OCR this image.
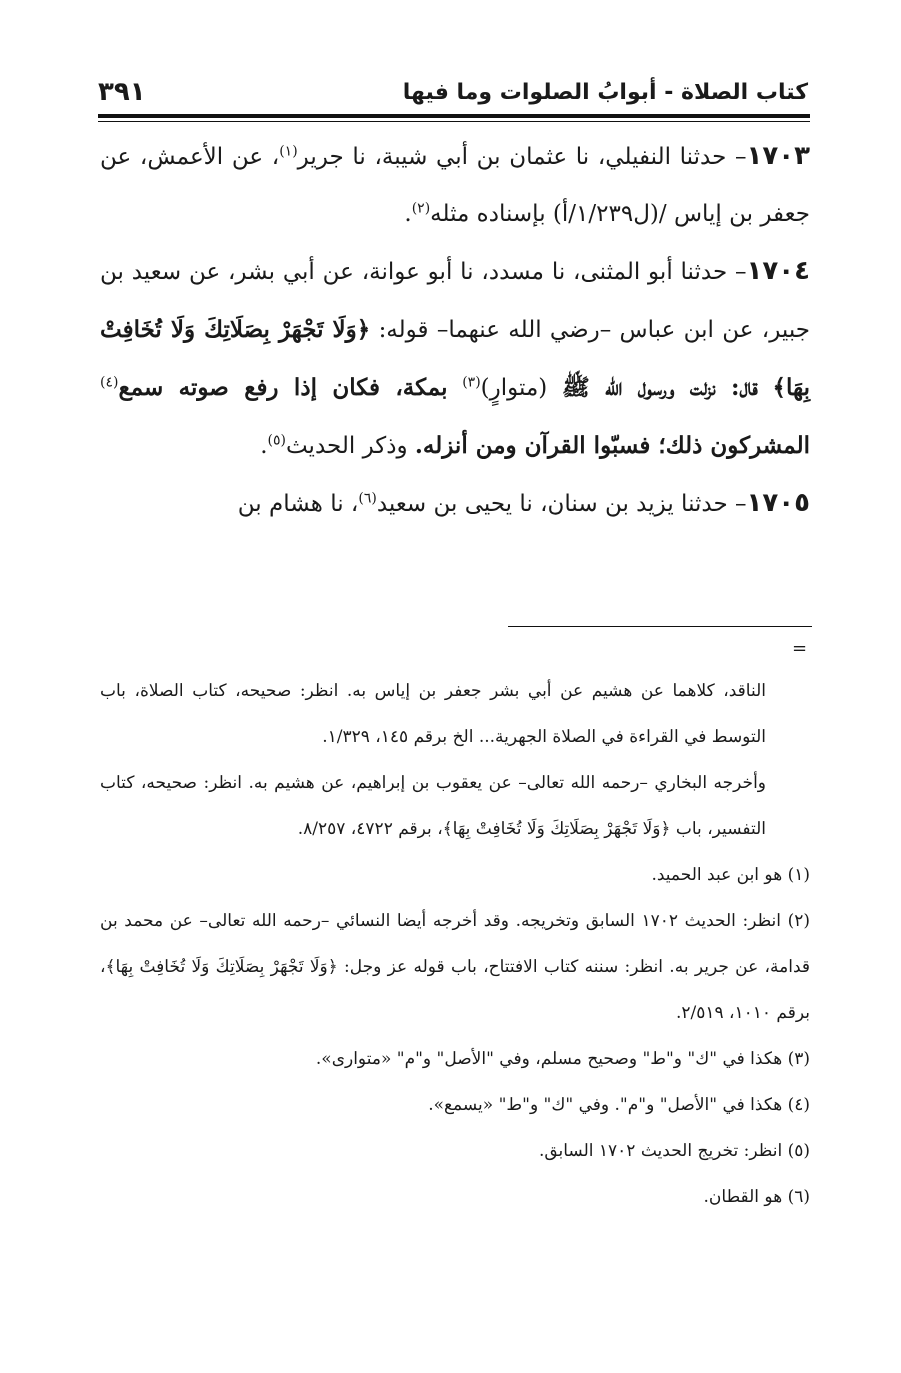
كتاب الصلاة - أبوابُ الصلوات وما فيها
٣٩١

١٧٠٣– حدثنا النفيلي، نا عثمان بن أبي شيبة، نا جرير$^{(١)}$، عن الأعمش، عن جعفر بن إياس /(ل١/٢٣٩/أ) بإسناده مثله$^{(٢)}$.

١٧٠٤– حدثنا أبو المثنى، نا مسدد، نا أبو عوانة، عن أبي بشر، عن سعيد بن جبير، عن ابن عباس –رضي الله عنهما– قوله: ﴿وَلَا تَجْهَرْ بِصَلَاتِكَ وَلَا تُخَافِتْ بِهَا﴾ قال: نزلت ورسول الله ﷺ (متوارٍ)$^{(٣)}$ بمكة، فكان إذا رفع صوته سمع$^{(٤)}$ المشركون ذلك؛ فسبّوا القرآن ومن أنزله. وذكر الحديث$^{(٥)}$.

١٧٠٥– حدثنا يزيد بن سنان، نا يحيى بن سعيد$^{(٦)}$، نا هشام بن

=

الناقد، كلاهما عن هشيم عن أبي بشر جعفر بن إياس به. انظر: صحيحه، كتاب الصلاة، باب التوسط في القراءة في الصلاة الجهرية... الخ برقم ١٤٥، ١/٣٢٩.

وأخرجه البخاري –رحمه الله تعالى– عن يعقوب بن إبراهيم، عن هشيم به. انظر: صحيحه، كتاب التفسير، باب ﴿وَلَا تَجْهَرْ بِصَلَاتِكَ وَلَا تُخَافِتْ بِهَا﴾، برقم ٤٧٢٢، ٨/٢٥٧.

(١) هو ابن عبد الحميد.

(٢) انظر: الحديث ١٧٠٢ السابق وتخريجه. وقد أخرجه أيضا النسائي –رحمه الله تعالى– عن محمد بن قدامة، عن جرير به. انظر: سننه كتاب الافتتاح، باب قوله عز وجل: ﴿وَلَا تَجْهَرْ بِصَلَاتِكَ وَلَا تُخَافِتْ بِهَا﴾، برقم ١٠١٠، ٢/٥١٩.

(٣) هكذا في "ك" و"ط" وصحيح مسلم، وفي "الأصل" و"م" «متوارى».

(٤) هكذا في "الأصل" و"م". وفي "ك" و"ط" «يسمع».

(٥) انظر: تخريج الحديث ١٧٠٢ السابق.

(٦) هو القطان.
